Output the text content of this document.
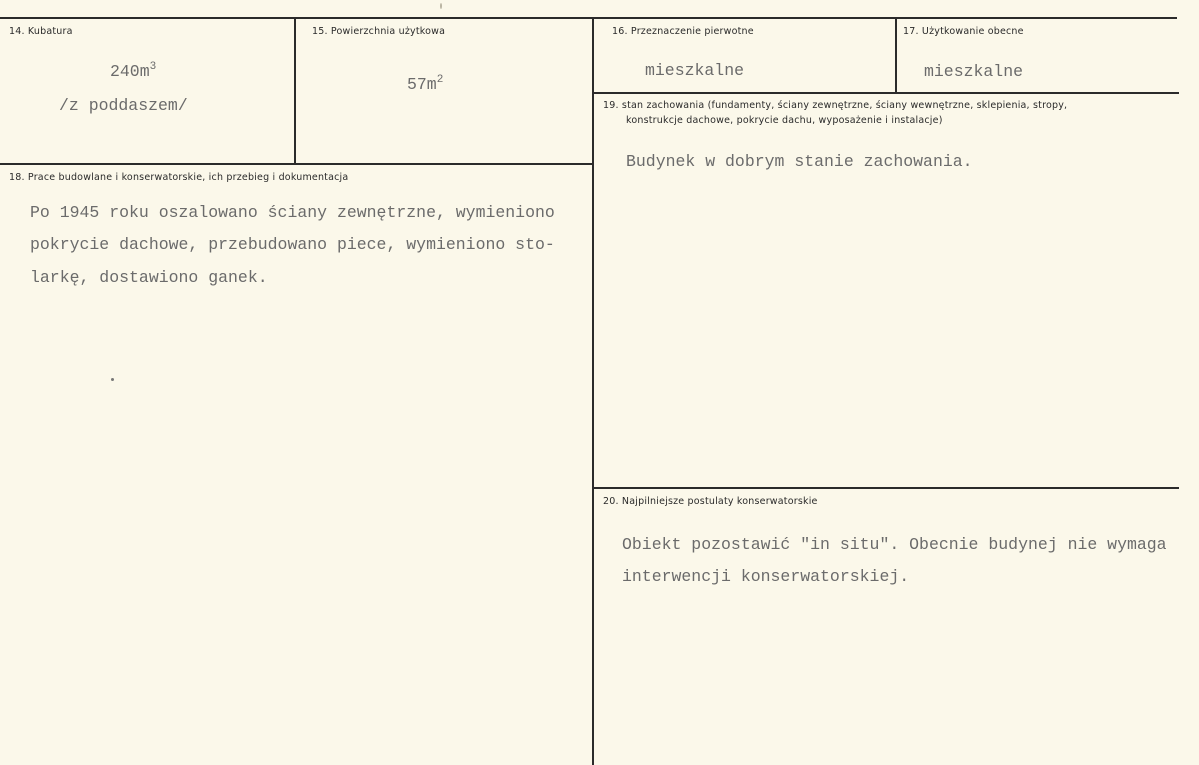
14. Kubatura
$240m^3$
/z poddaszem/
15. Powierzchnia użytkowa
$57m^2$
16. Przeznaczenie pierwotne
mieszkalne
17. Użytkowanie obecne
mieszkalne
19. stan zachowania (fundamenty, ściany zewnętrzne, ściany wewnętrzne, sklepienia, stropy,
konstrukcje dachowe, pokrycie dachu, wyposażenie i instalacje)
Budynek w dobrym stanie zachowania.
18. Prace budowlane i konserwatorskie, ich przebieg i dokumentacja
Po 1945 roku oszalowano ściany zewnętrzne, wymieniono
pokrycie dachowe, przebudowano piece, wymieniono sto-
larkę, dostawiono ganek.
20. Najpilniejsze postulaty konserwatorskie
Obiekt pozostawić "in situ". Obecnie budynej nie wymaga
interwencji konserwatorskiej.
